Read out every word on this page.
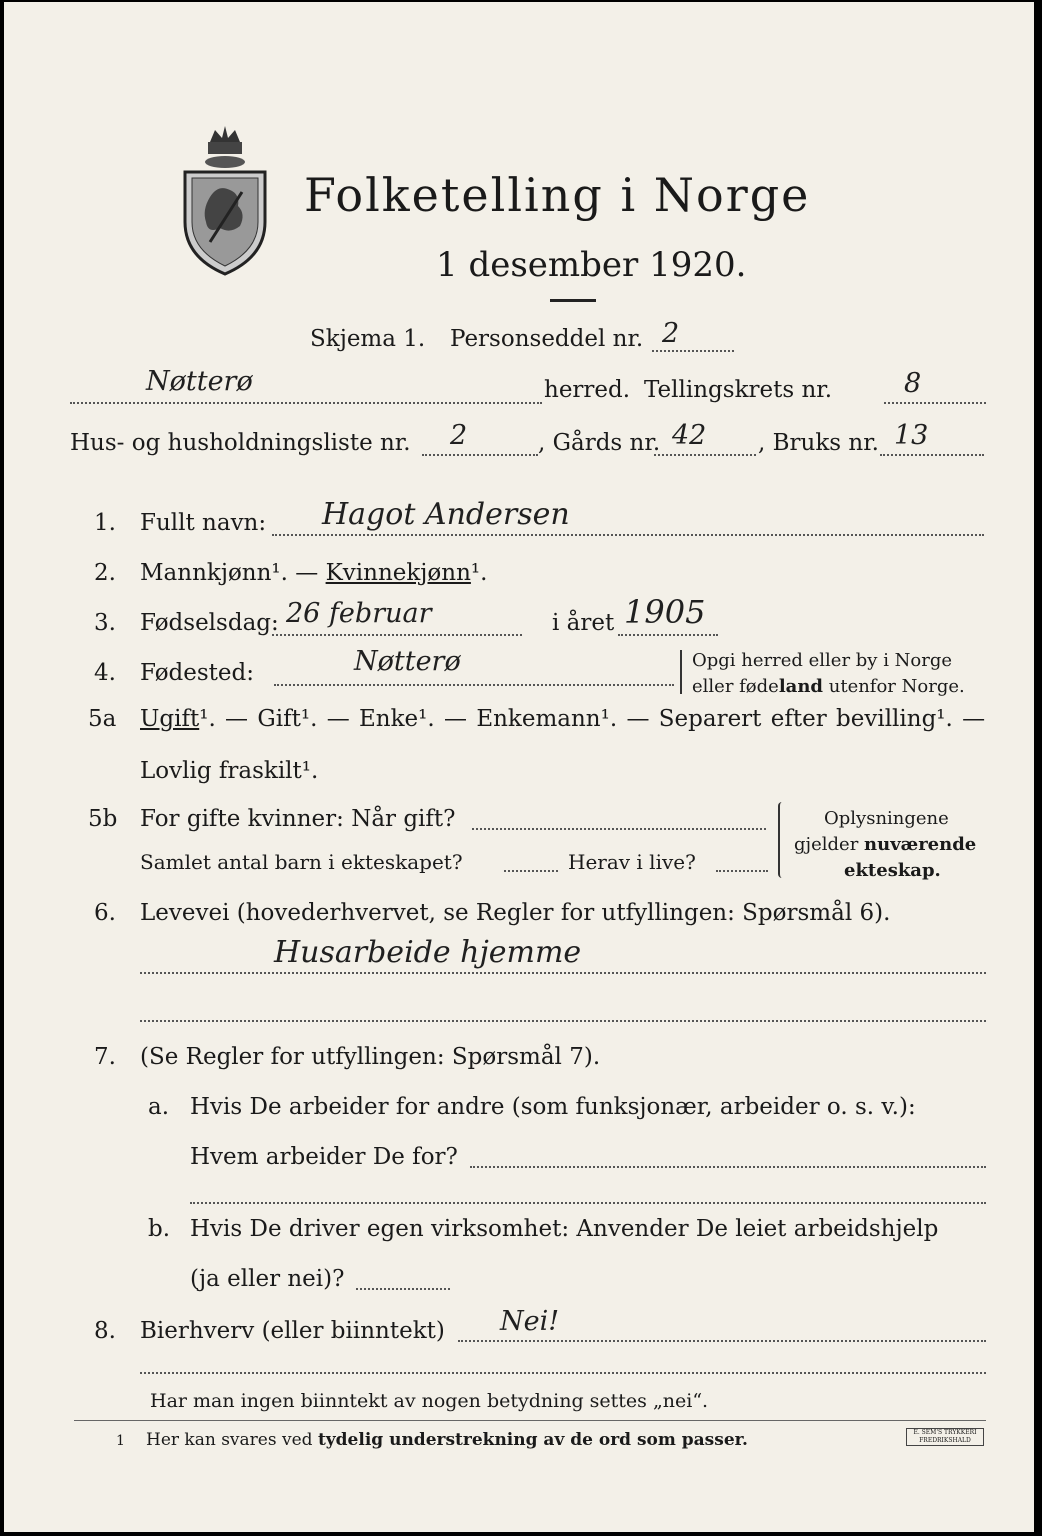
Folketelling i Norge
1 desember 1920.
Skjema 1. Personseddel nr. 2
Nøtterø	herred. Tellingskrets nr.	8
Hus- og husholdningsliste nr. 2	, Gårds nr. 42 , Bruks nr. 13
1. Fullt navn: Hagot Andersen
2. Mannkjønn¹. — Kvinnekjønn¹.
3. Fødselsdag: 26 februar	i året 1905
4. Fødested:	Nøtterø	Opgi herred eller by i Norge
eller fødeland utenfor Norge.
5a Ugift¹. — Gift¹. — Enke¹. — Enkemann¹. — Separert efter bevilling¹. —
Lovlig fraskilt¹.
5b For gifte kvinner: Når gift?
Samlet antal barn i ekteskapet?	Herav i live?
Oplysningene
gjelder nuværende
ekteskap.
6. Levevei (hovederhvervet, se Regler for utfyllingen: Spørsmål 6).
Husarbeide hjemme
7. (Se Regler for utfyllingen: Spørsmål 7).
a. Hvis De arbeider for andre (som funksjonær, arbeider o. s. v.):
Hvem arbeider De for?
b. Hvis De driver egen virksomhet: Anvender De leiet arbeidshjelp
(ja eller nei)?
8. Bierhverv (eller biinntekt) Nei!
Har man ingen biinntekt av nogen betydning settes „nei“.
1 Her kan svares ved tydelig understrekning av de ord som passer.	E. SEM'S TRYKKERI FREDRIKSHALD
